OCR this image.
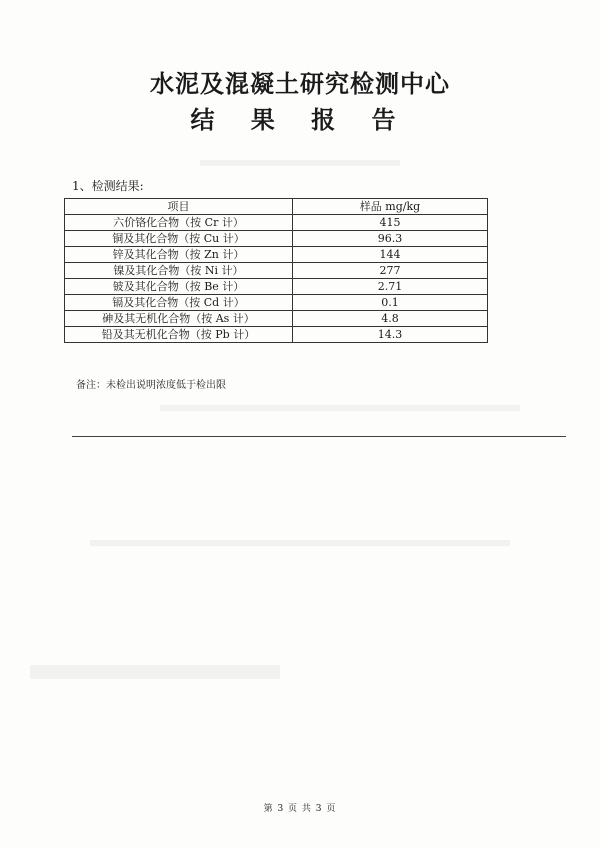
水泥及混凝土研究检测中心
结 果 报 告
1、检测结果:
项目	样品 mg/kg
六价铬化合物（按 Cr 计）	415
铜及其化合物（按 Cu 计）	96.3
锌及其化合物（按 Zn 计）	144
镍及其化合物（按 Ni 计）	277
铍及其化合物（按 Be 计）	2.71
镉及其化合物（按 Cd 计）	0.1
砷及其无机化合物（按 As 计）	4.8
铅及其无机化合物（按 Pb 计）	14.3
备注：未检出说明浓度低于检出限
第 3 页 共 3 页
